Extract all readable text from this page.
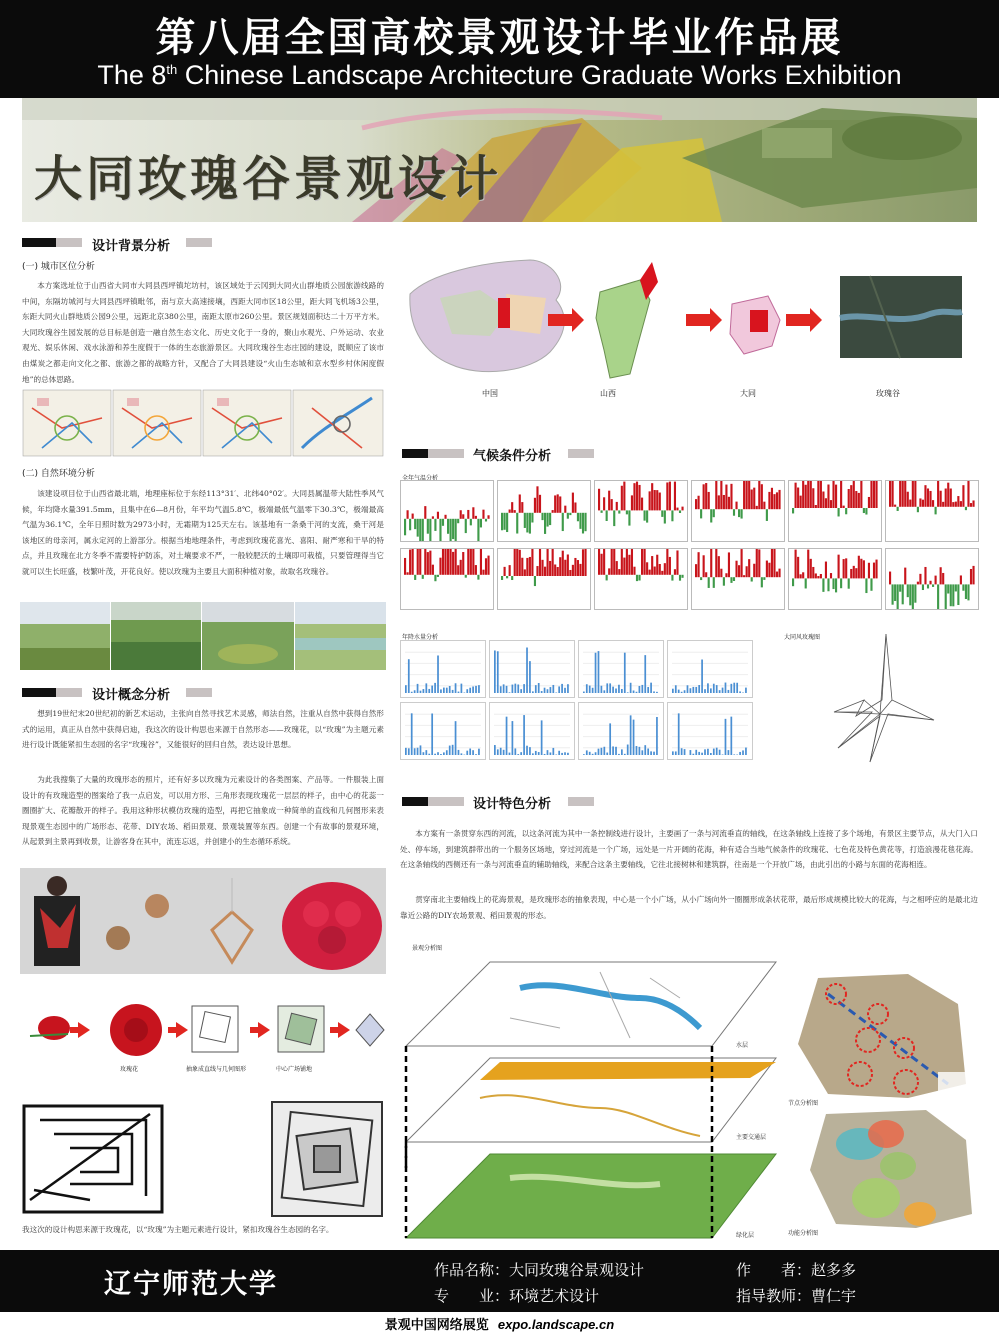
第八届全国高校景观设计毕业作品展
The 8th Chinese Landscape Architecture Graduate Works Exhibition
大同玫瑰谷景观设计
设计背景分析
(一) 城市区位分析

本方案选址位于山西省大同市大同县西坪镇坨坊村，该区域处于云冈到大同火山群地质公园旅游线路的中间，东隔坊城河与大同县西坪镇毗邻，南与京大高速接壤，西距大同市区18公里，距大同飞机场3公里，东距大同火山群地质公园9公里，远距北京380公里，南距太原市260公里。景区规划面积达二十万平方米。大同玫瑰谷生园发展的总目标是创造一融自然生态文化、历史文化于一身的，聚山水观光、户外运动、农业观光、娱乐休闲、戏水泳游和养生度假于一体的生态旅游景区。大同玫瑰谷生态庄园的建设，既顺应了该市由煤炭之都走向文化之都、旅游之都的战略方针，又配合了大同县建设“火山生态城和京水型乡村休闲度假地”的总体思路。

(二) 自然环境分析

该建设项目位于山西省最北端，地理座标位于东经113°31′、北纬40°02′。大同县属温带大陆性季风气候，年均降水量391.5mm，且集中在6—8月份，年平均气温5.8℃，极端最低气温零下30.3℃，极端最高气温为36.1℃，全年日照时数为2973小时，无霜期为125天左右。该基地有一条桑干河的支流，桑干河是该地区的母亲河，属永定河的上游部分。根据当地地理条件，考虑到玫瑰花喜光、喜阳、耐严寒和干旱的特点，并且玫瑰在北方冬季不需要特护防冻，对土壤要求不严，一般较肥沃的土壤即可栽植，只要管理得当它就可以生长旺盛，枝繁叶茂，开花良好。使以玫瑰为主要且大面积种植对象，故取名玫瑰谷。

设计概念分析

想到19世纪末20世纪初的新艺术运动，主张向自然寻找艺术灵感，师法自然，注重从自然中获得自然形式的运用，真正从自然中获得启迪，我这次的设计构思也来源于自然形态——玫瑰花，以“玫瑰”为主题元素进行设计既能紧扣生态园的名字“玫瑰谷”，又能很好的回归自然，表达设计思想。

为此我搜集了大量的玫瑰形态的照片，还有好多以玫瑰为元素设计的各类图案、产品等。一件服装上面设计的有玫瑰造型的图案给了我一点启发，可以用方形、三角形表现玫瑰花一层层的样子，由中心的花蕊一圈圈扩大、花瓣散开的样子。我用这种形状模仿玫瑰的造型，再把它抽象成一种简单的直线和几何图形来表现景观生态园中的广场形态、花带、DIY农场、稻田景观、景观装置等东西。创建一个有故事的景观环境，从起景到主景再到收景，让游客身在其中，流连忘返，并创建小的生态循环系统。

玫瑰花	抽象成直线与几何图形	中心广场铺地

我这次的设计构思来源于玫瑰花，以“玫瑰”为主题元素进行设计，紧扣玫瑰谷生态园的名字。

中国	山西	大同	玫瑰谷
气候条件分析
全年气温分析
年降水量分析	大同风玫瑰图
设计特色分析

本方案有一条贯穿东西的河流，以这条河流为其中一条控制线进行设计，主要画了一条与河流垂直的轴线，在这条轴线上连接了多个场地，有景区主要节点，从大门入口处、停车场，到建筑群带出的一个服务区场地，穿过河流是一个广场，远处是一片开阔的花海，种有适合当地气候条件的玫瑰花、七色花及特色黄花等，打造浪漫花毯花海。在这条轴线的西侧还有一条与河流垂直的辅助轴线，来配合这条主要轴线，它往北接树林和建筑群，往南是一个开放广场，由此引出的小路与东面的花海相连。

贯穿南北主要轴线上的花海景观，是玫瑰形态的抽象表现，中心是一个小广场，从小广场向外一圈圈形成条状花带，最后形成规模比较大的花海，与之相呼应的是最北边靠近公路的DIY农场景观、稻田景观的形态。

景观分析图
水层
主要交通层
绿化层
节点分析图
功能分析图
辽宁师范大学	作品名称：大同玫瑰谷景观设计
专　　业：环境艺术设计
作　　者：赵多多
指导教师：曹仁宇
景观中国网络展览 expo.landscape.cn
